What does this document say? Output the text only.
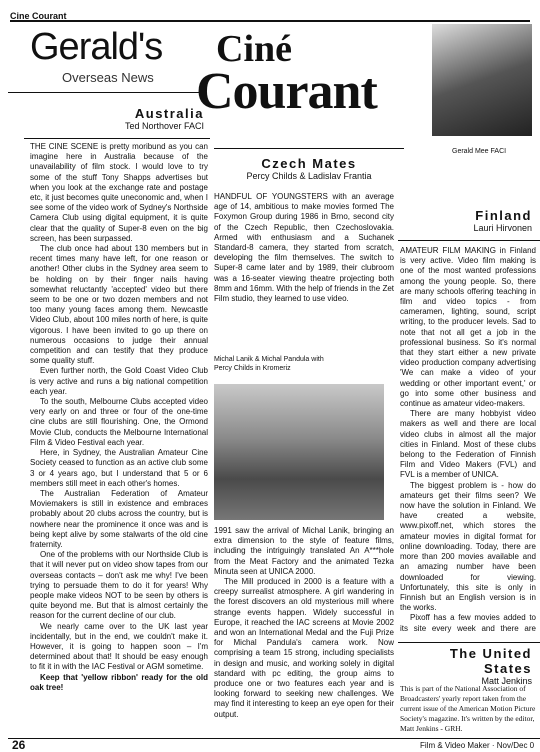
Cine Courant
Gerald's
Overseas News
Ciné
Courant
Gerald Mee FACI
Australia
Ted Northover FACI

THE CINE SCENE is pretty moribund as you can imagine here in Australia because of the unavailability of film stock. I would love to try some of the stuff Tony Shapps advertises but when you look at the exchange rate and postage etc, it just becomes quite uneconomic and, when I see some of the video work of Sydney's Northside Camera Club using digital equipment, it is quite clear that the quality of Super-8 even on the big screen, has been surpassed.

The club once had about 130 members but in recent times many have left, for one reason or another! Other clubs in the Sydney area seem to be holding on by their finger nails having somewhat reluctantly 'accepted' video but there seem to be one or two dozen members and not too many young faces among them. Newcastle Video Club, about 100 miles north of here, is quite vigorous. I have been invited to go up there on numerous occasions to judge their annual competition and can testify that they produce some quality stuff.

Even further north, the Gold Coast Video Club is very active and runs a big national competition each year.

To the south, Melbourne Clubs accepted video very early on and three or four of the one-time cine clubs are still flourishing. One, the Ormond Movie Club, conducts the Melbourne International Film & Video Festival each year.

Here, in Sydney, the Australian Amateur Cine Society ceased to function as an active club some 3 or 4 years ago, but I understand that 5 or 6 members still meet in each other's homes.

The Australian Federation of Amateur Moviemakers is still in existence and embraces probably about 20 clubs across the country, but is nowhere near the prominence it once was and is being kept alive by some stalwarts of the old cine fraternity.

One of the problems with our Northside Club is that it will never put on video show tapes from our overseas contacts – don't ask me why! I've been trying to persuade them to do it for years! Why people make videos NOT to be seen by others is quite beyond me. But that is almost certainly the reason for the current decline of our club.

We nearly came over to the UK last year incidentally, but in the end, we couldn't make it. However, it is going to happen soon – I'm determined about that! It should be easy enough to fit it in with the IAC Festival or AGM sometime.

Keep that 'yellow ribbon' ready for the old oak tree!

Czech Mates
Percy Childs & Ladislav Frantia

HANDFUL OF YOUNGSTERS with an average age of 14, ambitious to make movies formed The Foxymon Group during 1986 in Brno, second city of the Czech Republic, then Czechoslovakia. Armed with enthusiasm and a Suchanek Standard-8 camera, they started from scratch, developing the film themselves. The switch to Super-8 came later and by 1989, their clubroom was a 16-seater viewing theatre projecting both 8mm and 16mm. With the help of friends in the Zet Film studio, they learned to use video.

Michal Lanik & Michal Pandula with Percy Childs in Kromeriz

1991 saw the arrival of Michal Lanik, bringing an extra dimension to the style of feature films, including the intriguingly translated An A***hole from the Meat Factory and the animated Tezka Minuta seen at UNICA 2000.

The Mill produced in 2000 is a feature with a creepy surrealist atmosphere. A girl wandering in the forest discovers an old mysterious mill where strange events happen. Widely successful in Europe, it reached the IAC screens at Movie 2002 and won an International Medal and the Fuji Prize for Michal Pandula's camera work. Now comprising a team 15 strong, including specialists in design and music, and working solely in digital standard with pc editing, the group aims to produce one or two features each year and is looking forward to seeking new challenges. We may find it interesting to keep an eye open for their output.

Finland
Lauri Hirvonen

AMATEUR FILM MAKING in Finland is very active. Video film making is one of the most wanted professions among the young people. So, there are many schools offering teaching in film and video topics - from cameramen, lighting, sound, script writing, to the producer levels. Sad to note that not all get a job in the professional business. So it's normal that they start either a new private video production company advertising 'We can make a video of your wedding or other important event,' or go into some other business and continue as amateur video-makers.

There are many hobbyist video makers as well and there are local video clubs in almost all the major cities in Finland. Most of these clubs belong to the Federation of Finnish Film and Video Makers (FVL) and FVL is a member of UNICA.

The biggest problem is - how do amateurs get their films seen? We now have the solution in Finland. We have created a website, www.pixoff.net, which stores the amateur movies in digital format for online downloading. Today, there are more than 200 movies available and an amazing number have been downloaded for viewing. Unfortunately, this site is only in Finnish but an English version is in the works.

Pixoff has a few movies added to its site every week and there are

The United States
Matt Jenkins
This is part of the National Association of Broadcasters' yearly report taken from the current issue of the American Motion Picture Society's magazine. It's written by the editor, Matt Jenkins - GRH.
26	Film & Video Maker · Nov/Dec 0
